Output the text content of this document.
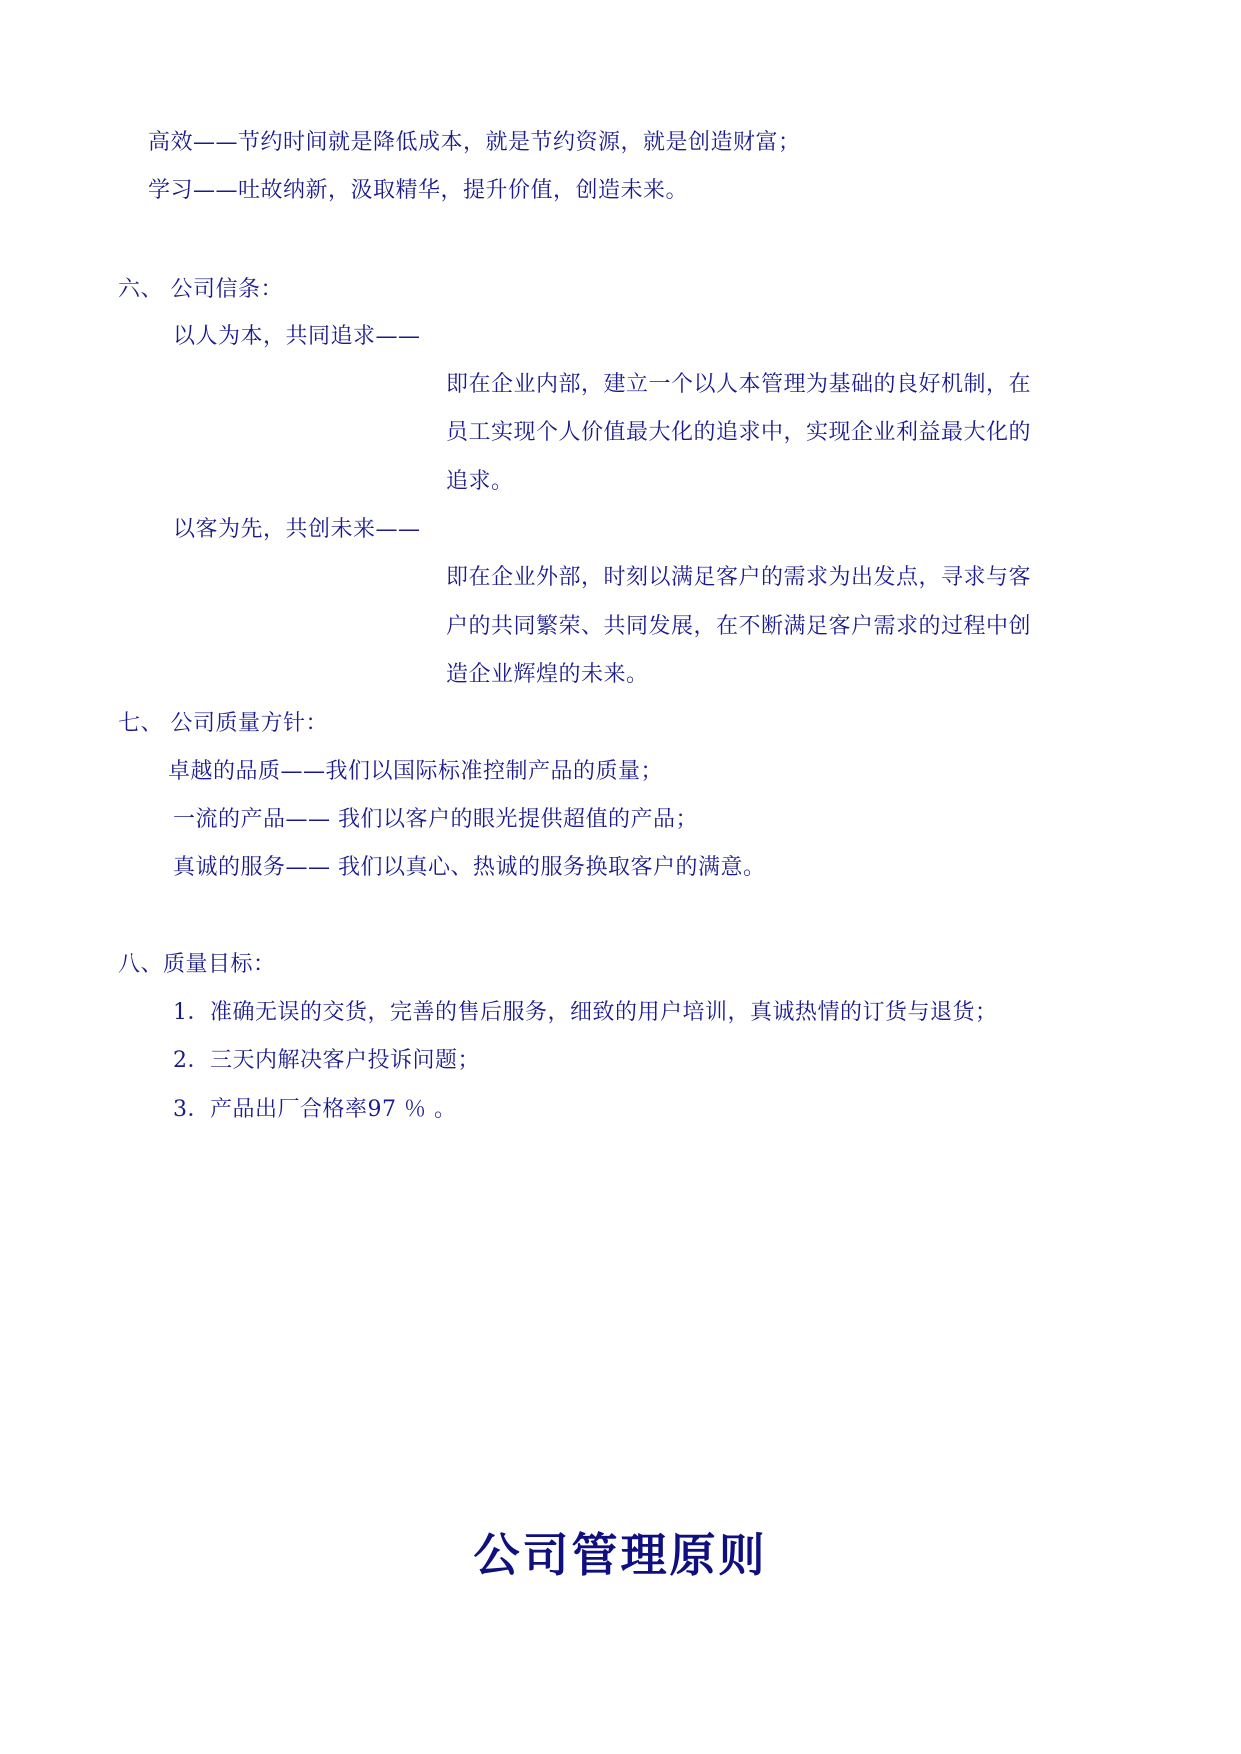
高效——节约时间就是降低成本，就是节约资源，就是创造财富；
学习——吐故纳新，汲取精华，提升价值，创造未来。
六、 公司信条：
以人为本，共同追求——
即在企业内部，建立一个以人本管理为基础的良好机制，在
员工实现个人价值最大化的追求中，实现企业利益最大化的
追求。
以客为先，共创未来——
即在企业外部，时刻以满足客户的需求为出发点，寻求与客
户的共同繁荣、共同发展，在不断满足客户需求的过程中创
造企业辉煌的未来。
七、 公司质量方针：
卓越的品质——我们以国际标准控制产品的质量；
一流的产品—— 我们以客户的眼光提供超值的产品；
真诚的服务—— 我们以真心、热诚的服务换取客户的满意。
八、质量目标：
1．准确无误的交货，完善的售后服务，细致的用户培训，真诚热情的订货与退货；
2．三天内解决客户投诉问题；
3．产品出厂合格率97 ％ 。
公司管理原则
